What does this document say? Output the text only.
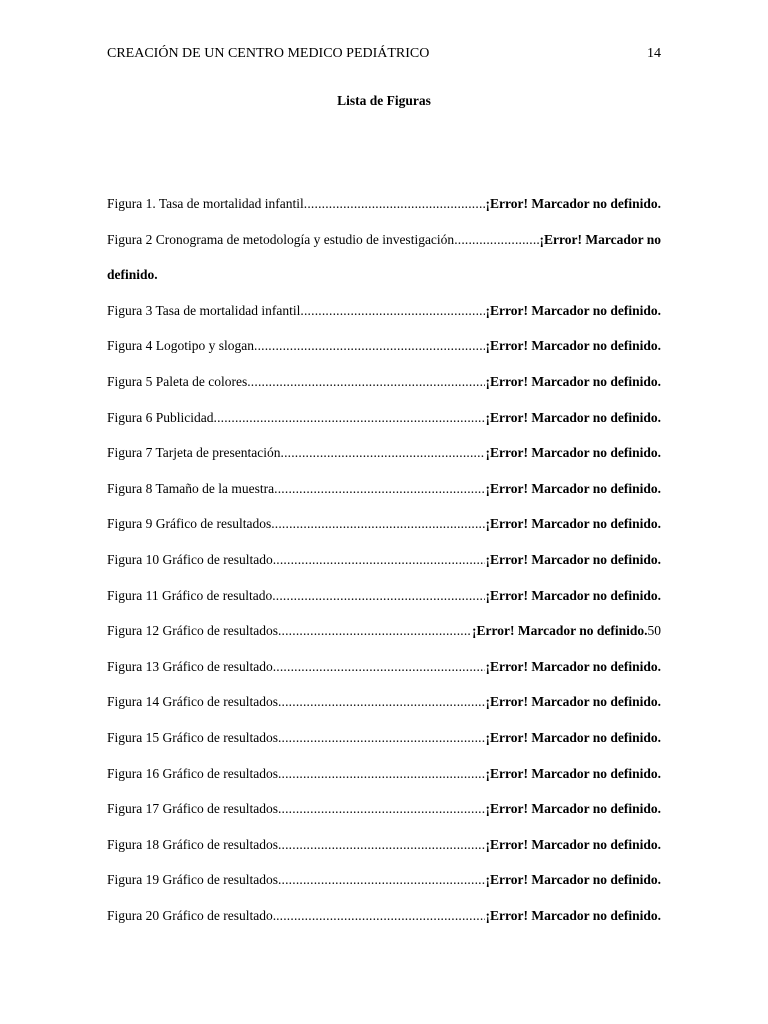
CREACIÓN DE UN CENTRO MEDICO PEDIÁTRICO	14
Lista de Figuras
Figura 1. Tasa de mortalidad infantil .....	¡Error! Marcador no definido.
Figura 2 Cronograma de metodología y estudio de investigación .....	¡Error! Marcador no
definido.
Figura 3 Tasa de mortalidad infantil .....	¡Error! Marcador no definido.
Figura 4 Logotipo y slogan .....	¡Error! Marcador no definido.
Figura 5 Paleta de colores .....	¡Error! Marcador no definido.
Figura 6 Publicidad .....	¡Error! Marcador no definido.
Figura 7 Tarjeta de presentación .....	¡Error! Marcador no definido.
Figura 8 Tamaño de la muestra .....	¡Error! Marcador no definido.
Figura 9 Gráfico de resultados .....	¡Error! Marcador no definido.
Figura 10 Gráfico de resultado .....	¡Error! Marcador no definido.
Figura 11 Gráfico de resultado .....	¡Error! Marcador no definido.
Figura 12 Gráfico de resultados .....	¡Error! Marcador no definido. 50
Figura 13 Gráfico de resultado .....	¡Error! Marcador no definido.
Figura 14 Gráfico de resultados .....	¡Error! Marcador no definido.
Figura 15 Gráfico de resultados .....	¡Error! Marcador no definido.
Figura 16 Gráfico de resultados .....	¡Error! Marcador no definido.
Figura 17 Gráfico de resultados .....	¡Error! Marcador no definido.
Figura 18 Gráfico de resultados .....	¡Error! Marcador no definido.
Figura 19 Gráfico de resultados .....	¡Error! Marcador no definido.
Figura 20 Gráfico de resultado. .....	¡Error! Marcador no definido.
